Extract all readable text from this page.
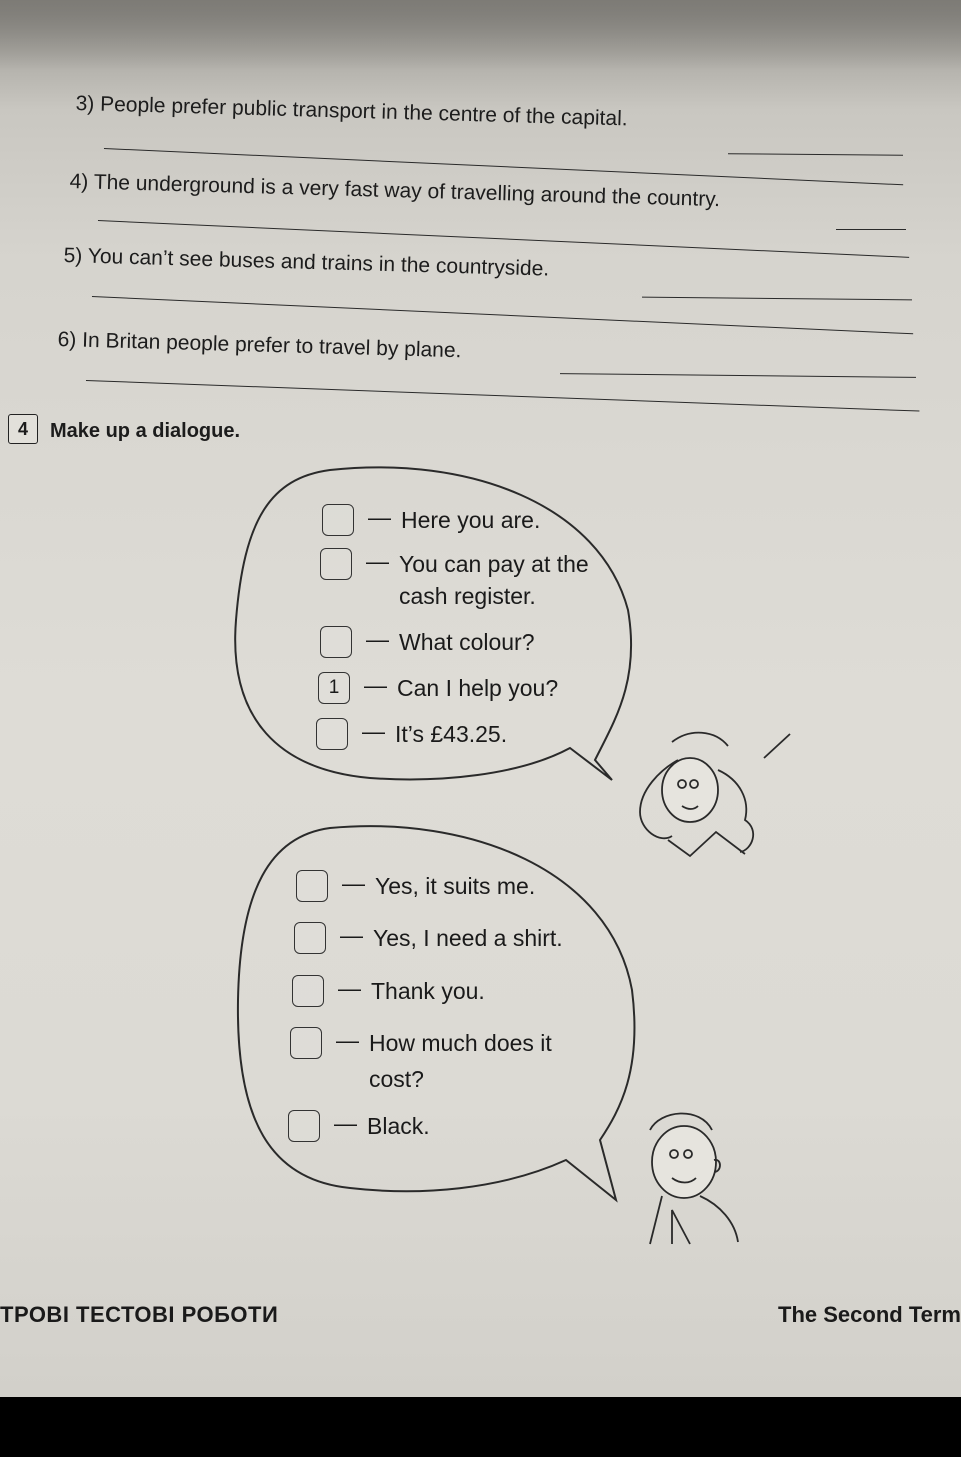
3) People prefer public transport in the centre of the capital.
4) The underground is a very fast way of travelling around the country.
5) You can’t see buses and trains in the countryside.
6) In Britan people prefer to travel by plane.
4	Make up a dialogue.
— Here you are.
— You can pay at the
cash register.
— What colour?
1	— Can I help you?
— It’s £43.25.
— Yes, it suits me.
— Yes, I need a shirt.
— Thank you.
— How much does it
cost?
— Black.
ТРОВІ ТЕСТОВІ РОБОТИ	The Second Term
